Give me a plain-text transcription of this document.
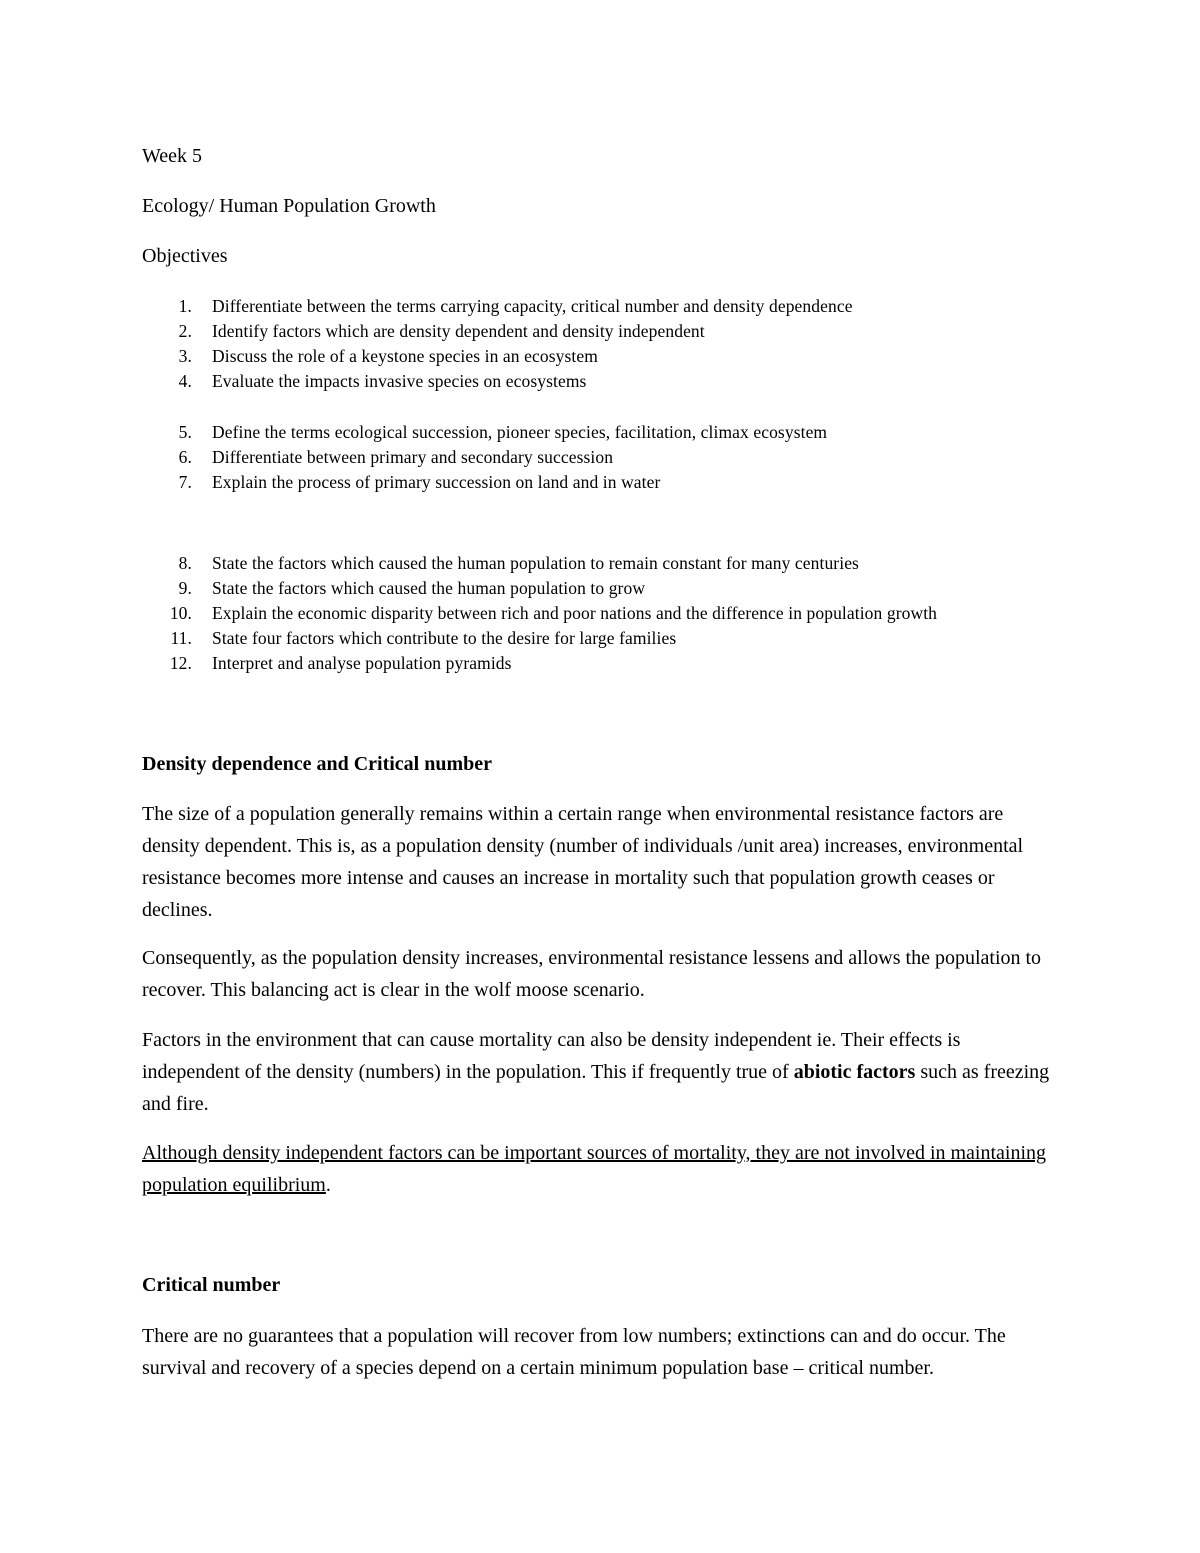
Week 5

Ecology/ Human Population Growth

Objectives

1. Differentiate between the terms carrying capacity, critical number and density dependence
2. Identify factors which are density dependent and density independent
3. Discuss the role of a keystone species in an ecosystem
4. Evaluate the impacts invasive species on ecosystems
5. Define the terms ecological succession, pioneer species, facilitation, climax ecosystem
6. Differentiate between primary and secondary succession
7. Explain the process of primary succession on land and in water
8. State the factors which caused the human population to remain constant for many centuries
9. State the factors which caused the human population to grow
10. Explain the economic disparity between rich and poor nations and the difference in population growth
11. State four factors which contribute to the desire for large families
12. Interpret and analyse population pyramids

Density dependence and Critical number

The size of a population generally remains within a certain range when environmental resistance factors are density dependent. This is, as a population density (number of individuals /unit area) increases, environmental resistance becomes more intense and causes an increase in mortality such that population growth ceases or declines.

Consequently, as the population density increases, environmental resistance lessens and allows the population to recover. This balancing act is clear in the wolf moose scenario.

Factors in the environment that can cause mortality can also be density independent ie. Their effects is independent of the density (numbers) in the population. This if frequently true of abiotic factors such as freezing and fire.

Although density independent factors can be important sources of mortality, they are not involved in maintaining population equilibrium.

Critical number

There are no guarantees that a population will recover from low numbers; extinctions can and do occur. The survival and recovery of a species depend on a certain minimum population base – critical number.
